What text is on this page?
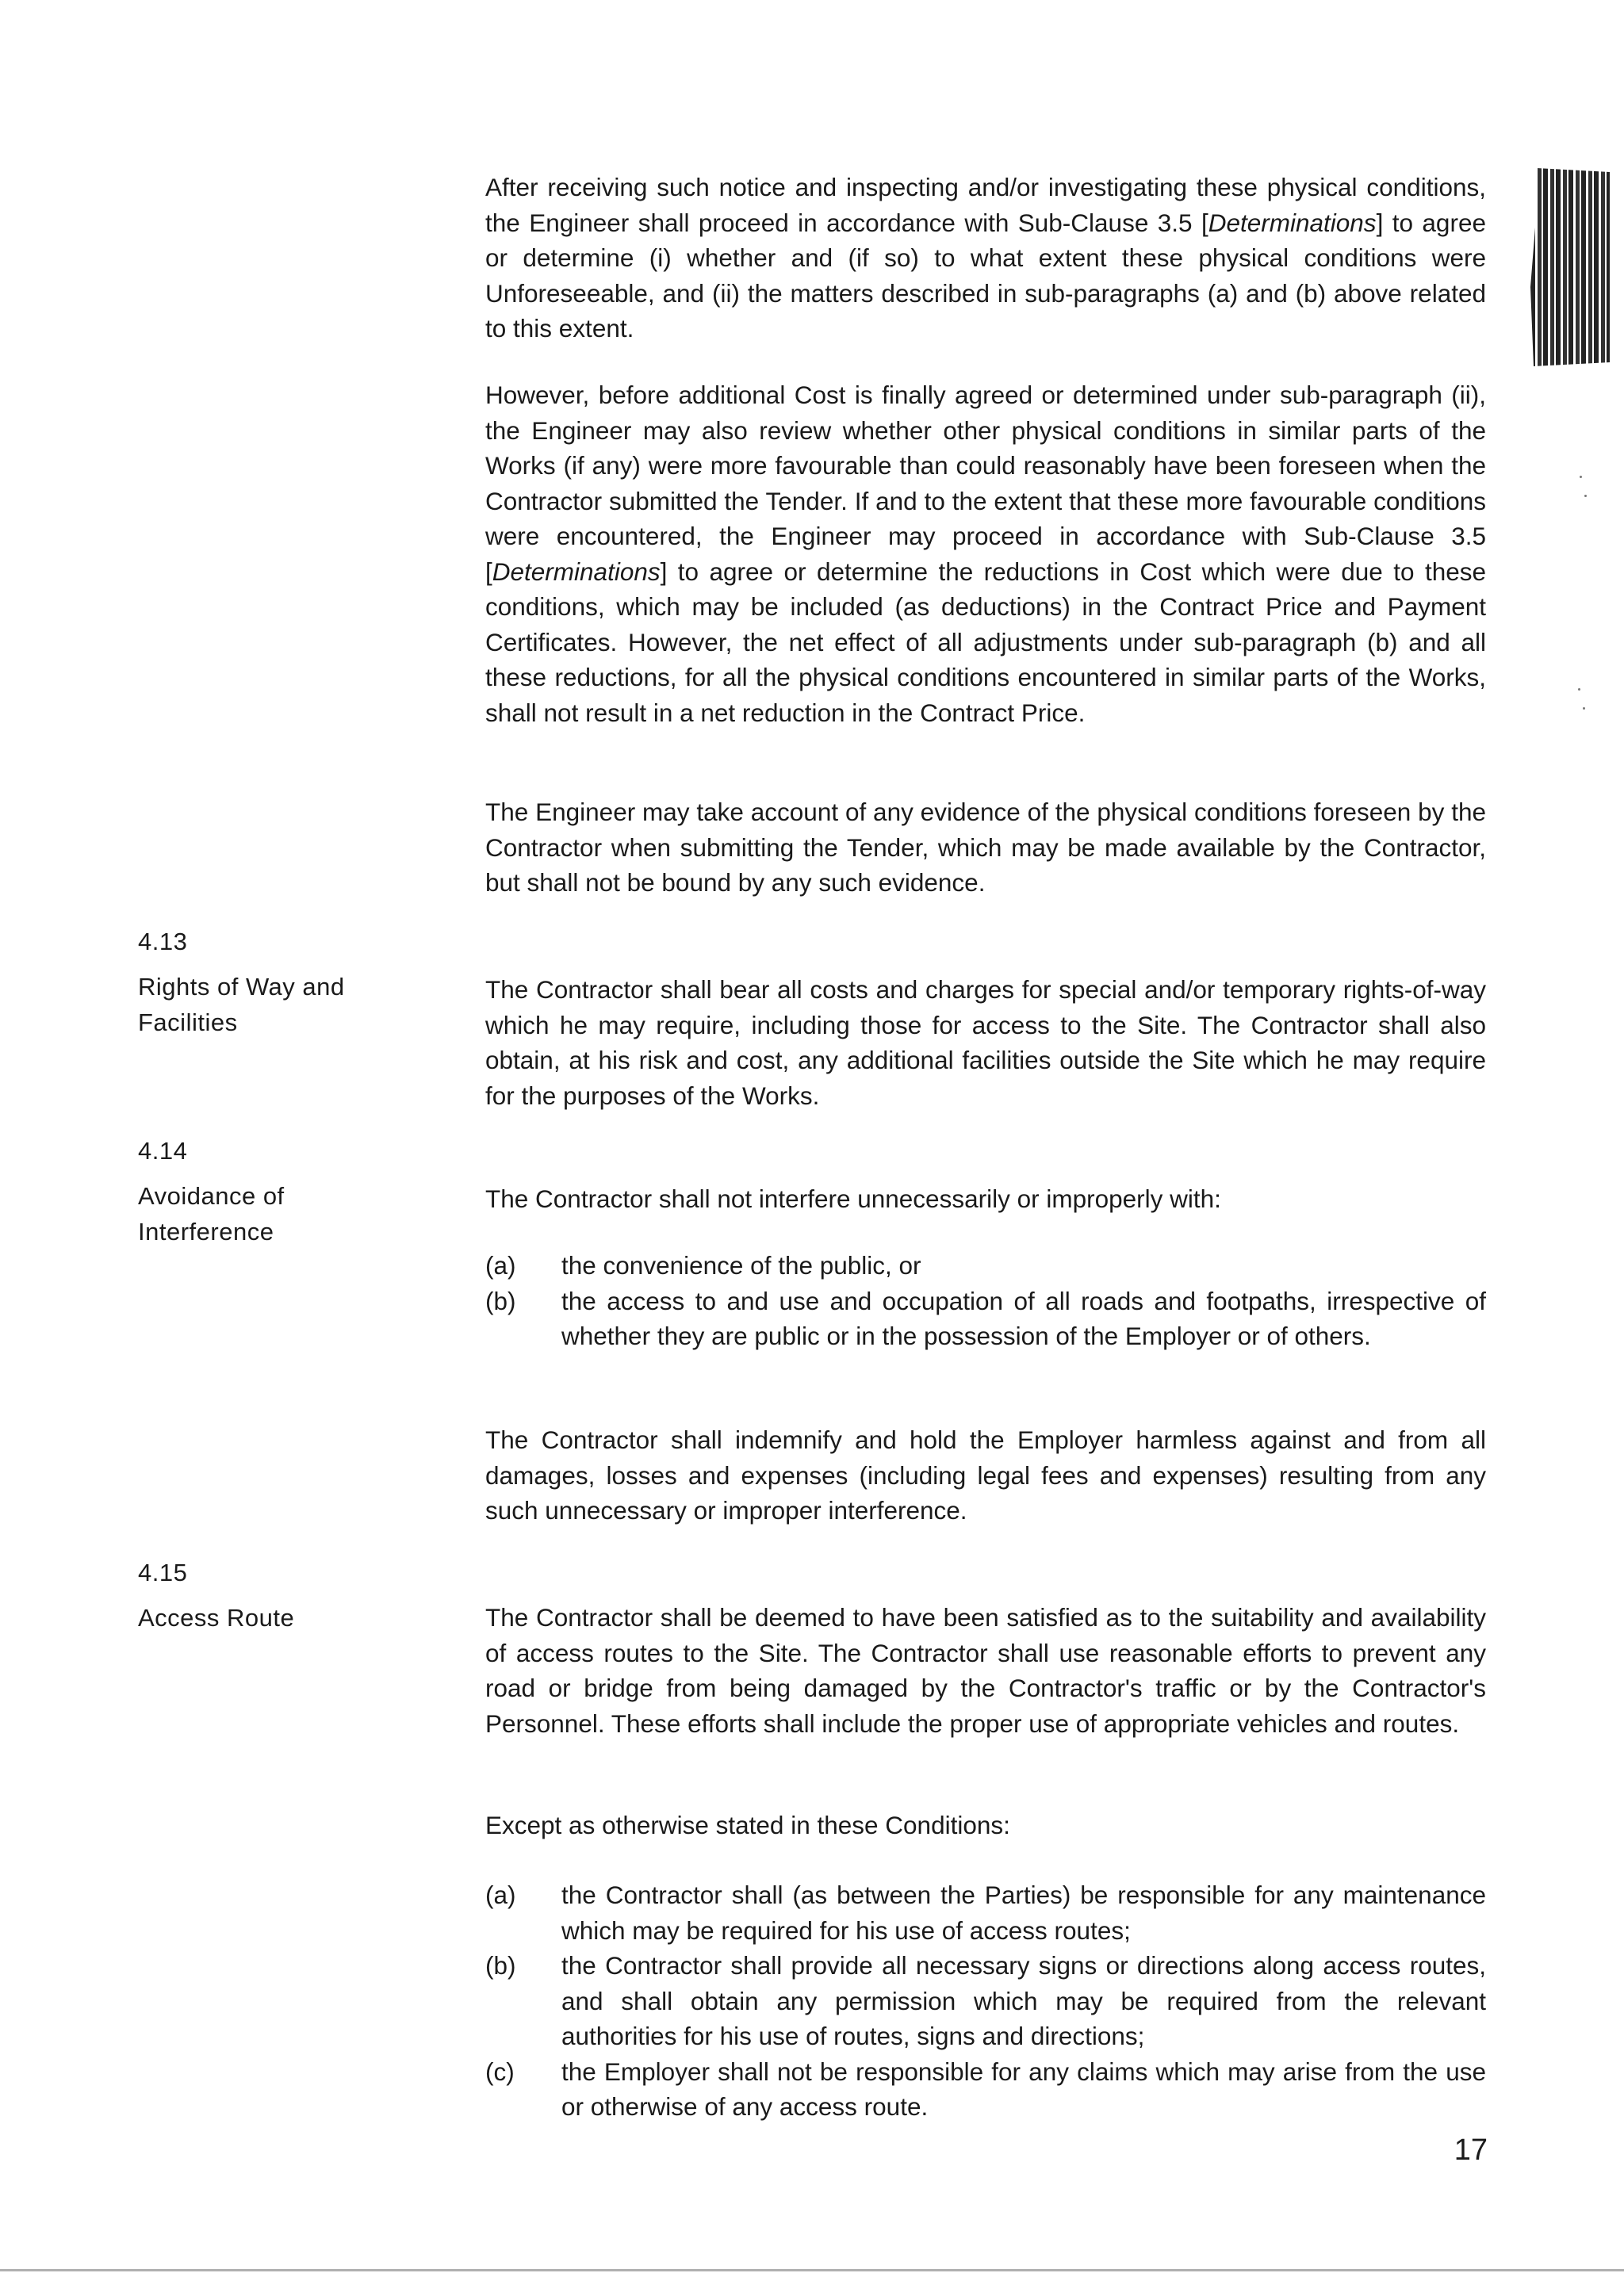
After receiving such notice and inspecting and/or investigating these physical conditions, the Engineer shall proceed in accordance with Sub-Clause 3.5 [Determinations] to agree or determine (i) whether and (if so) to what extent these physical conditions were Unforeseeable, and (ii) the matters described in sub-paragraphs (a) and (b) above related to this extent.

However, before additional Cost is finally agreed or determined under sub-paragraph (ii), the Engineer may also review whether other physical conditions in similar parts of the Works (if any) were more favourable than could reasonably have been foreseen when the Contractor submitted the Tender. If and to the extent that these more favourable conditions were encountered, the Engineer may proceed in accordance with Sub-Clause 3.5 [Determinations] to agree or determine the reductions in Cost which were due to these conditions, which may be included (as deductions) in the Contract Price and Payment Certificates. However, the net effect of all adjustments under sub-paragraph (b) and all these reductions, for all the physical conditions encountered in similar parts of the Works, shall not result in a net reduction in the Contract Price.

The Engineer may take account of any evidence of the physical conditions foreseen by the Contractor when submitting the Tender, which may be made available by the Contractor, but shall not be bound by any such evidence.

4.13
Rights of Way and Facilities

The Contractor shall bear all costs and charges for special and/or temporary rights-of-way which he may require, including those for access to the Site. The Contractor shall also obtain, at his risk and cost, any additional facilities outside the Site which he may require for the purposes of the Works.

4.14
Avoidance of Interference

The Contractor shall not interfere unnecessarily or improperly with:

(a)	the convenience of the public, or
(b)	the access to and use and occupation of all roads and footpaths, irrespective of whether they are public or in the possession of the Employer or of others.

The Contractor shall indemnify and hold the Employer harmless against and from all damages, losses and expenses (including legal fees and expenses) resulting from any such unnecessary or improper interference.

4.15
Access Route	The Contractor shall be deemed to have been satisfied as to the suitability and availability of access routes to the Site. The Contractor shall use reasonable efforts to prevent any road or bridge from being damaged by the Contractor's traffic or by the Contractor's Personnel. These efforts shall include the proper use of appropriate vehicles and routes.

Except as otherwise stated in these Conditions:

(a)	the Contractor shall (as between the Parties) be responsible for any maintenance which may be required for his use of access routes;
(b)	the Contractor shall provide all necessary signs or directions along access routes, and shall obtain any permission which may be required from the relevant authorities for his use of routes, signs and directions;
(c)	the Employer shall not be responsible for any claims which may arise from the use or otherwise of any access route.
17
